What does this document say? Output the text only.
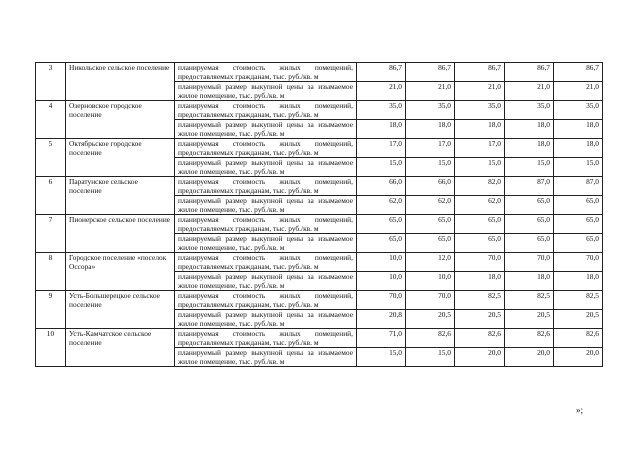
3	Никольское сельское поселение	планируемая стоимость жилых помещений, предоставляемых гражданам, тыс. руб./кв. м	86,7	86,7	86,7	86,7	86,7
		планируемый размер выкупной цены за изымаемое жилое помещение, тыс. руб./кв. м	21,0	21,0	21,0	21,0	21,0
4	Озерновское городское поселение	планируемая стоимость жилых помещений, предоставляемых гражданам, тыс. руб./кв. м	35,0	35,0	35,0	35,0	35,0
		планируемый размер выкупной цены за изымаемое жилое помещение, тыс. руб./кв. м	18,0	18,0	18,0	18,0	18,0
5	Октябрьское городское поселение	планируемая стоимость жилых помещений, предоставляемых гражданам, тыс. руб./кв. м	17,0	17,0	17,0	18,0	18,0
		планируемый размер выкупной цены за изымаемое жилое помещение, тыс. руб./кв. м	15,0	15,0	15,0	15,0	15,0
6	Паратунское сельское поселение	планируемая стоимость жилых помещений, предоставляемых гражданам, тыс. руб./кв. м	66,0	66,0	82,0	87,0	87,0
		планируемый размер выкупной цены за изымаемое жилое помещение, тыс. руб./кв. м	62,0	62,0	62,0	65,0	65,0
7	Пионерское сельское поселение	планируемая стоимость жилых помещений, предоставляемых гражданам, тыс. руб./кв. м	65,0	65,0	65,0	65,0	65,0
		планируемый размер выкупной цены за изымаемое жилое помещение, тыс. руб./кв. м	65,0	65,0	65,0	65,0	65,0
8	Городское поселение «поселок Оссора»	планируемая стоимость жилых помещений, предоставляемых гражданам, тыс. руб./кв. м	10,0	12,0	70,0	70,0	70,0
		планируемый размер выкупной цены за изымаемое жилое помещение, тыс. руб./кв. м	10,0	10,0	18,0	18,0	18,0
9	Усть-Большерецкое сельское поселение	планируемая стоимость жилых помещений, предоставляемых гражданам, тыс. руб./кв. м	70,0	70,0	82,5	82,5	82,5
		планируемый размер выкупной цены за изымаемое жилое помещение, тыс. руб./кв. м	20,8	20,5	20,5	20,5	20,5
10	Усть-Камчатское сельское поселение	планируемая стоимость жилых помещений, предоставляемых гражданам, тыс. руб./кв. м	71,0	82,6	82,6	82,6	82,6
		планируемый размер выкупной цены за изымаемое жилое помещение, тыс. руб./кв. м	15,0	15,0	20,0	20,0	20,0
»;
